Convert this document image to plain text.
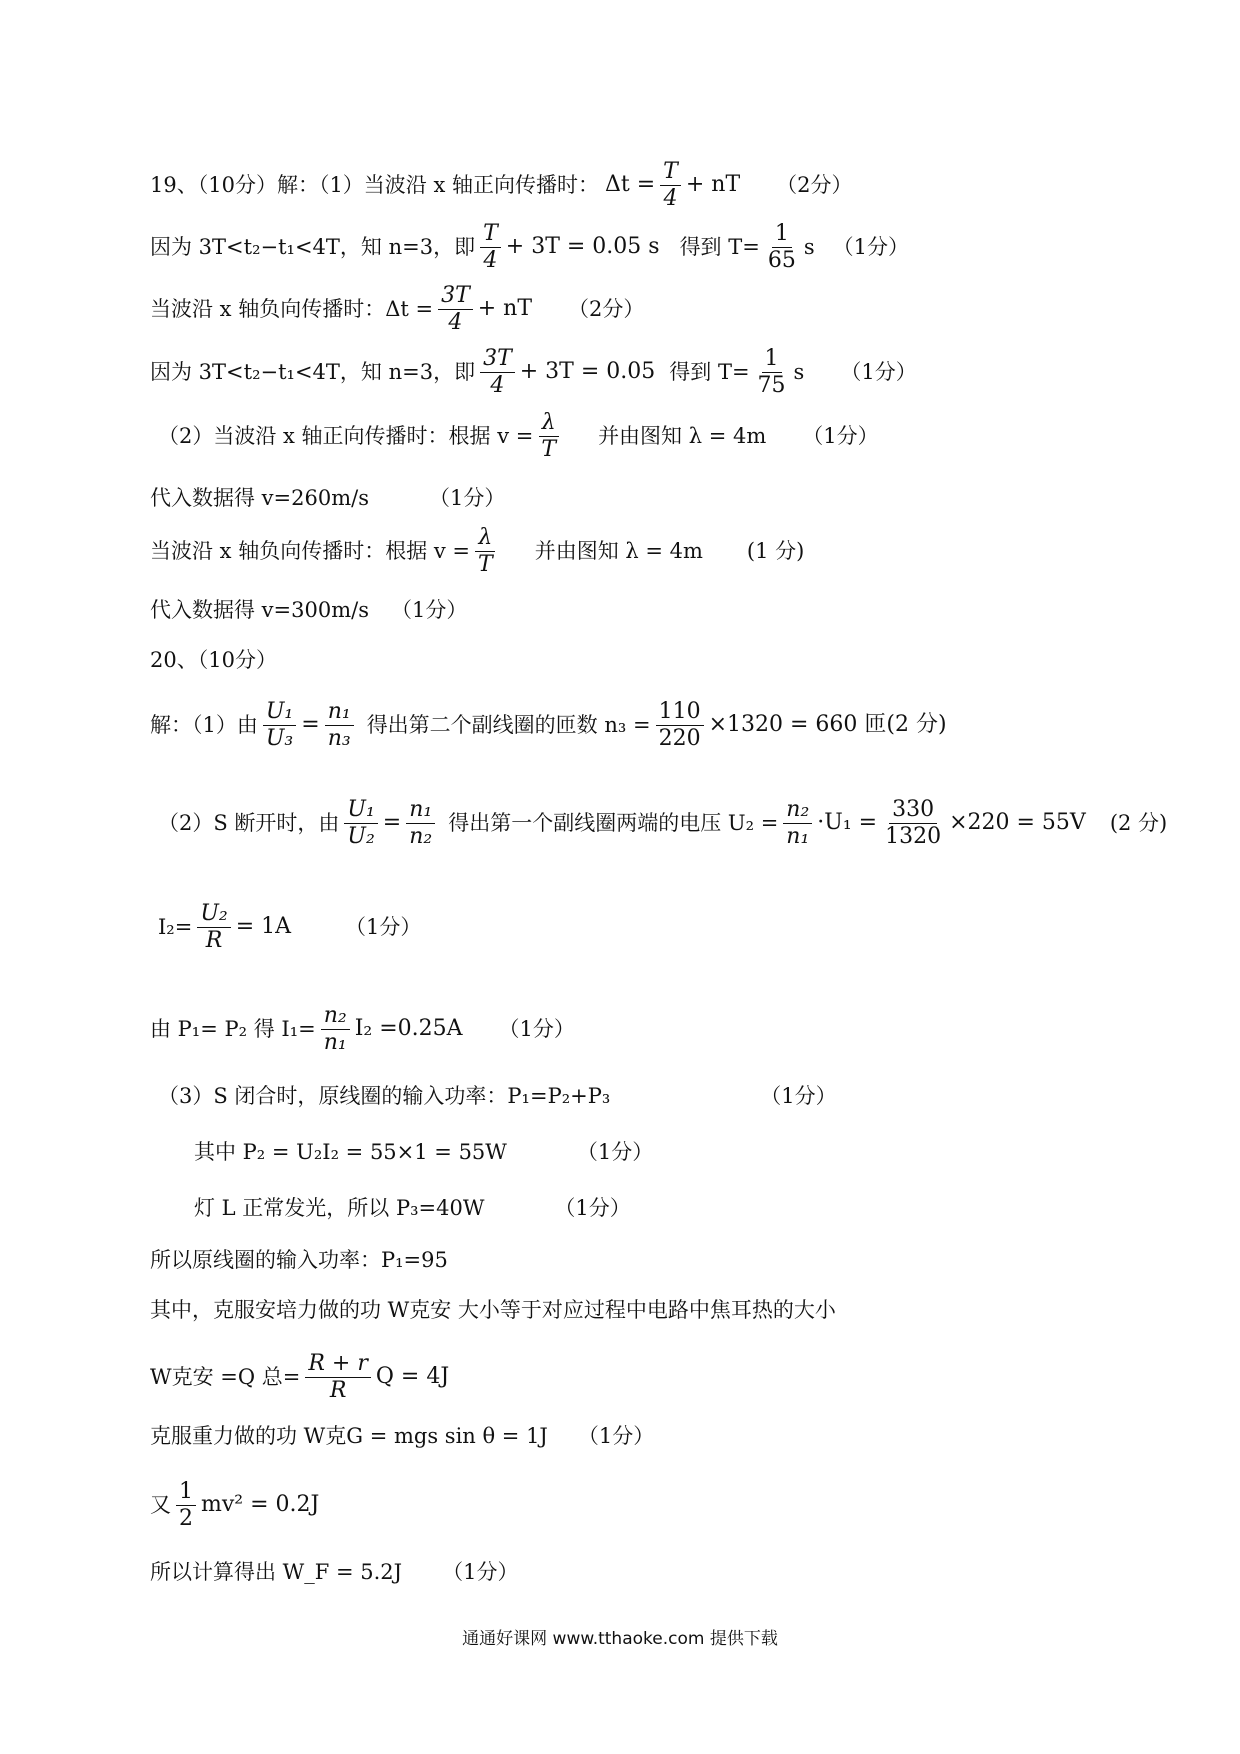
19、（10分）解：（1）当波沿 x 轴正向传播时： $\Delta t = \frac{T}{4}$ + nT （2分）
因为 3T<t₂−t₁<4T，知 n=3，即 $\frac{T}{4} + 3T = 0.05$ s 得到 $T= \frac{1}{65}$ s （1分）
当波沿 x 轴负向传播时：$\Delta t = \frac{3T}{4}$ + nT （2分）
因为 3T<t₂−t₁<4T，知 n=3，即 $\frac{3T}{4} + 3T = 0.05$ 得到 $T= \frac{1}{75}$ s （1分）
（2）当波沿 x 轴正向传播时：根据 $v = \frac{\lambda}{T}$ 并由图知 λ = 4m （1分）
代入数据得 v=260m/s	（1分）
当波沿 x 轴负向传播时：根据 $v = \frac{\lambda}{T}$ 并由图知 λ = 4m (1 分)
代入数据得 v=300m/s （1分）
20、（10分）
解：（1）由 $\frac{\text{U₁}}{\text{U₃}} = \frac{\text{n₁}}{\text{n₃}}$ 得出第二个副线圈的匝数 $n_3 = \frac{110}{220} \times 1320 = 660$ 匝(2 分)
（2）S 断开时，由 $\frac{\text{U₁}}{\text{U₂}} = \frac{\text{n₁}}{\text{n₂}}$ 得出第一个副线圈两端的电压 $U_2 = \frac{\text{n₂}}{\text{n₁}} \cdot U_1 = \frac{330}{1320} \times 220 = 55V$ (2 分)
$I_2= \frac{\text{U₂}}{R} = 1A$	（1分）
由 P₁= P₂ 得 $I_1= \frac{\text{n₂}}{\text{n₁}} I_2 =0.25A$ （1分）
（3）S 闭合时，原线圈的输入功率：P₁=P₂+P₃	（1分）
其中 P₂ = U₂I₂ = 55×1 = 55W	（1分）
灯 L 正常发光，所以 P₃=40W	（1分）
所以原线圈的输入功率：P₁=95
其中，克服安培力做的功 W克安 大小等于对应过程中电路中焦耳热的大小
W克安 =Q 总= $\frac{R + r}{R}$ Q = 4J
克服重力做的功 W克G = mgs sin θ = 1J （1分）
又 $\frac{1}{2} mv^2 = 0.2J$
所以计算得出 W_F = 5.2J （1分）
通通好课网 www.tthaoke.com 提供下载
